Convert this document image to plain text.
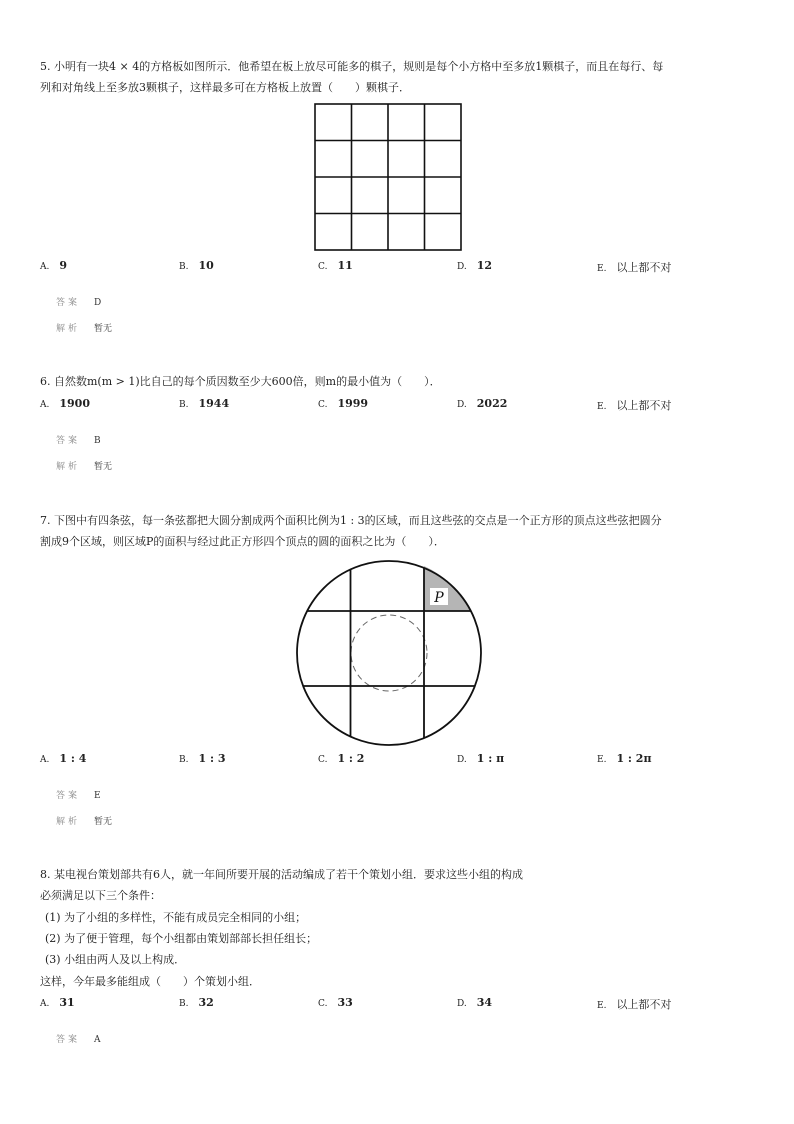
5. 小明有一块4 × 4的方格板如图所示．他希望在板上放尽可能多的棋子，规则是每个小方格中至多放1颗棋子，而且在每行、每
列和对角线上至多放3颗棋子，这样最多可在方格板上放置（　　）颗棋子．
A. 9	B. 10	C. 11	D. 12	E. 以上都不对
答案 D
解析 暂无
6. 自然数m(m > 1)比自己的每个质因数至少大600倍，则m的最小值为（　　）．
A. 1900	B. 1944	C. 1999	D. 2022	E. 以上都不对
答案 B
解析 暂无
7. 下图中有四条弦，每一条弦都把大圆分割成两个面积比例为1 : 3的区域，而且这些弦的交点是一个正方形的顶点这些弦把圆分
割成9个区域，则区域P的面积与经过此正方形四个顶点的圆的面积之比为（　　）．
P
A. 1 : 4	B. 1 : 3	C. 1 : 2	D. 1 : π	E. 1 : 2π
答案 E
解析 暂无
8. 某电视台策划部共有6人，就一年间所要开展的活动编成了若干个策划小组．要求这些小组的构成
必须满足以下三个条件：
(1) 为了小组的多样性，不能有成员完全相同的小组；
(2) 为了便于管理，每个小组都由策划部部长担任组长；
(3) 小组由两人及以上构成．
这样，今年最多能组成（　　）个策划小组．
A. 31	B. 32	C. 33	D. 34	E. 以上都不对
答案 A
